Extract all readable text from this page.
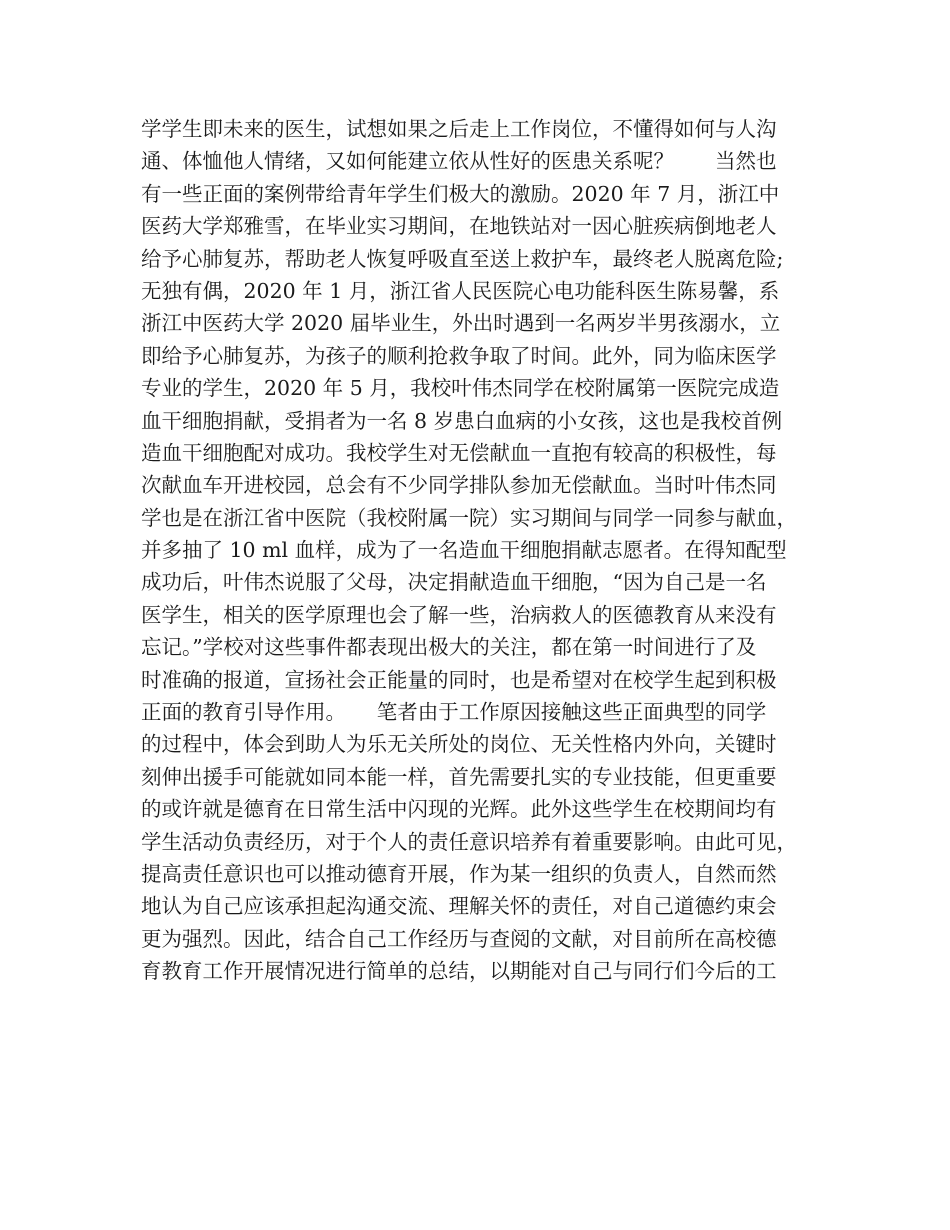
学学生即未来的医生，试想如果之后走上工作岗位，不懂得如何与人沟
通、体恤他人情绪，又如何能建立依从性好的医患关系呢？　　当然也
有一些正面的案例带给青年学生们极大的激励。2020 年 7 月，浙江中
医药大学郑雅雪，在毕业实习期间，在地铁站对一因心脏疾病倒地老人
给予心肺复苏，帮助老人恢复呼吸直至送上救护车，最终老人脱离危险;
无独有偶，2020 年 1 月，浙江省人民医院心电功能科医生陈易馨，系
浙江中医药大学 2020 届毕业生，外出时遇到一名两岁半男孩溺水，立
即给予心肺复苏，为孩子的顺利抢救争取了时间。此外，同为临床医学
专业的学生，2020 年 5 月，我校叶伟杰同学在校附属第一医院完成造
血干细胞捐献，受捐者为一名 8 岁患白血病的小女孩，这也是我校首例
造血干细胞配对成功。我校学生对无偿献血一直抱有较高的积极性，每
次献血车开进校园，总会有不少同学排队参加无偿献血。当时叶伟杰同
学也是在浙江省中医院（我校附属一院）实习期间与同学一同参与献血，
并多抽了 10 ml 血样，成为了一名造血干细胞捐献志愿者。在得知配型
成功后，叶伟杰说服了父母，决定捐献造血干细胞，“因为自己是一名
医学生，相关的医学原理也会了解一些，治病救人的医德教育从来没有
忘记。”学校对这些事件都表现出极大的关注，都在第一时间进行了及
时准确的报道，宣扬社会正能量的同时，也是希望对在校学生起到积极
正面的教育引导作用。　　笔者由于工作原因接触这些正面典型的同学
的过程中，体会到助人为乐无关所处的岗位、无关性格内外向，关键时
刻伸出援手可能就如同本能一样，首先需要扎实的专业技能，但更重要
的或许就是德育在日常生活中闪现的光辉。此外这些学生在校期间均有
学生活动负责经历，对于个人的责任意识培养有着重要影响。由此可见，
提高责任意识也可以推动德育开展，作为某一组织的负责人，自然而然
地认为自己应该承担起沟通交流、理解关怀的责任，对自己道德约束会
更为强烈。因此，结合自己工作经历与查阅的文献，对目前所在高校德
育教育工作开展情况进行简单的总结，以期能对自己与同行们今后的工
